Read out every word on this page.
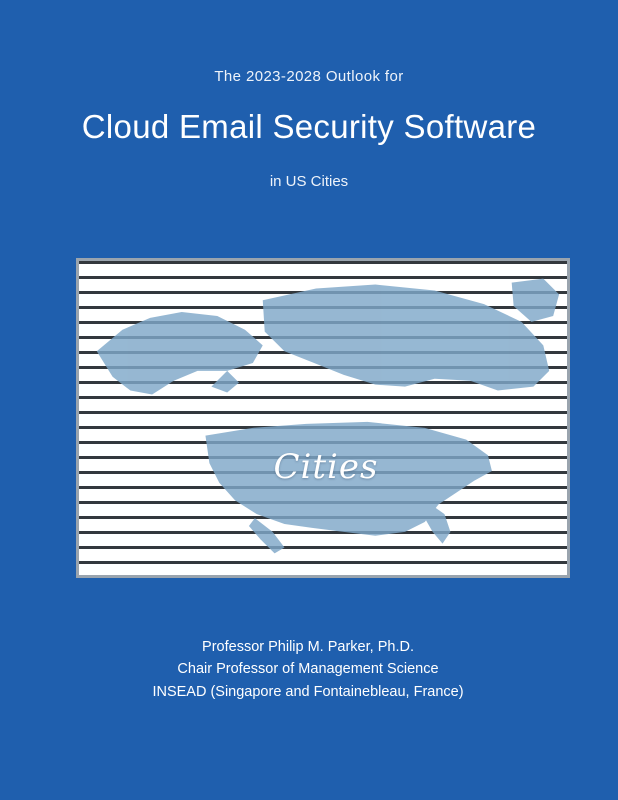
The 2023-2028 Outlook for
Cloud Email Security Software
in US Cities
Cities
Professor Philip M. Parker, Ph.D.
Chair Professor of Management Science
INSEAD (Singapore and Fontainebleau, France)
